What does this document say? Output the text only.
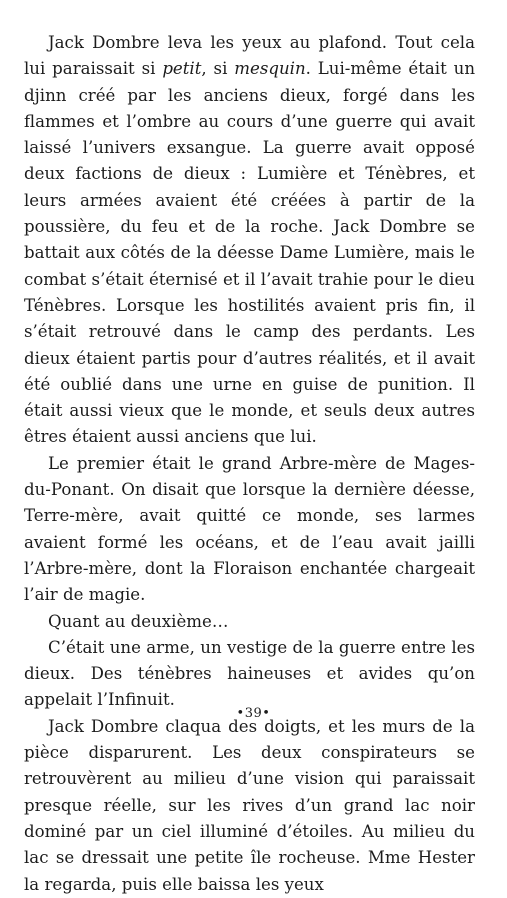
Jack Dombre leva les yeux au plafond. Tout cela lui paraissait si petit, si mesquin. Lui-même était un djinn créé par les anciens dieux, forgé dans les flammes et l’ombre au cours d’une guerre qui avait laissé l’univers exsangue. La guerre avait opposé deux factions de dieux : Lumière et Ténèbres, et leurs armées avaient été créées à partir de la poussière, du feu et de la roche. Jack Dombre se battait aux côtés de la déesse Dame Lumière, mais le combat s’était éternisé et il l’avait trahie pour le dieu Ténèbres. Lorsque les hostilités avaient pris fin, il s’était retrouvé dans le camp des perdants. Les dieux étaient partis pour d’autres réalités, et il avait été oublié dans une urne en guise de punition. Il était aussi vieux que le monde, et seuls deux autres êtres étaient aussi anciens que lui.

Le premier était le grand Arbre-mère de Mages-du-Ponant. On disait que lorsque la dernière déesse, Terre-mère, avait quitté ce monde, ses larmes avaient formé les océans, et de l’eau avait jailli l’Arbre-mère, dont la Floraison enchantée chargeait l’air de magie.

Quant au deuxième…

C’était une arme, un vestige de la guerre entre les dieux. Des ténèbres haineuses et avides qu’on appelait l’Infinuit.

Jack Dombre claqua des doigts, et les murs de la pièce disparurent. Les deux conspirateurs se retrouvèrent au milieu d’une vision qui paraissait presque réelle, sur les rives d’un grand lac noir dominé par un ciel illuminé d’étoiles. Au milieu du lac se dressait une petite île rocheuse. Mme Hester la regarda, puis elle baissa les yeux

•39•
